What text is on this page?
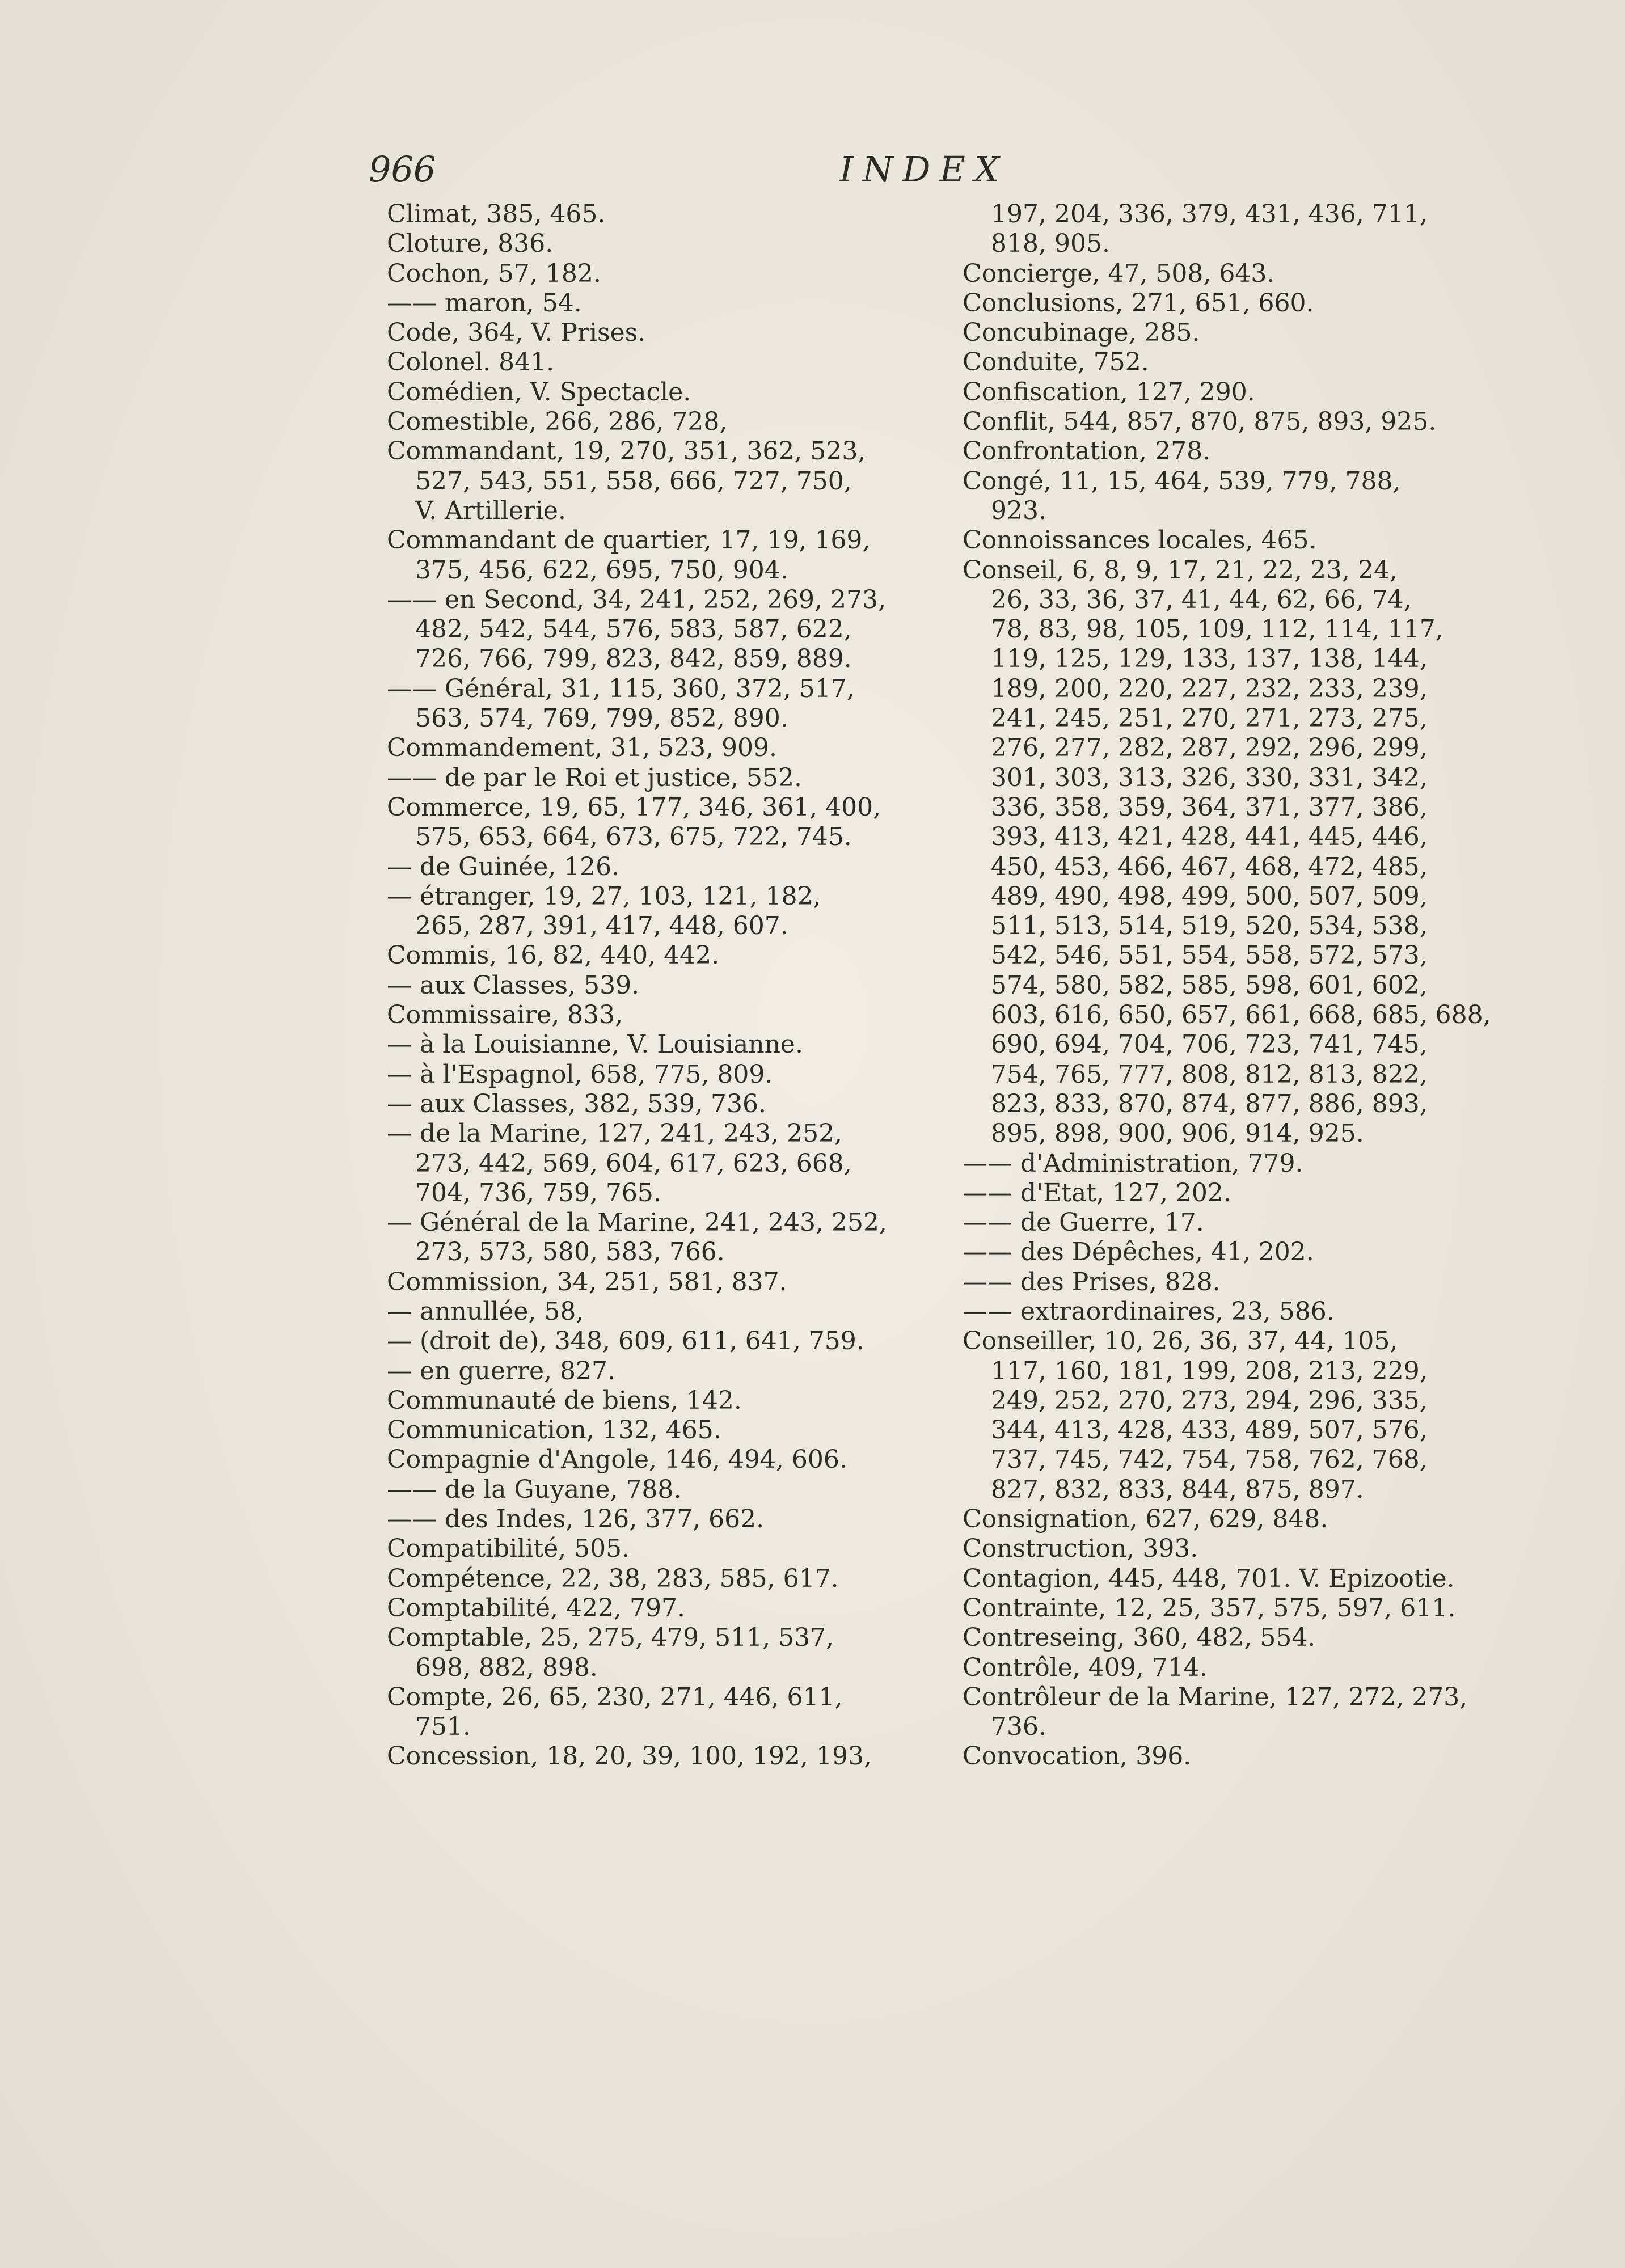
966	INDEX
Climat, 385, 465.
Cloture, 836.
Cochon, 57, 182.
—— maron, 54.
Code, 364, V. Prises.
Colonel. 841.
Comédien, V. Spectacle.
Comestible, 266, 286, 728,
Commandant, 19, 270, 351, 362, 523,
527, 543, 551, 558, 666, 727, 750,
V. Artillerie.
Commandant de quartier, 17, 19, 169,
375, 456, 622, 695, 750, 904.
—— en Second, 34, 241, 252, 269, 273,
482, 542, 544, 576, 583, 587, 622,
726, 766, 799, 823, 842, 859, 889.
—— Général, 31, 115, 360, 372, 517,
563, 574, 769, 799, 852, 890.
Commandement, 31, 523, 909.
—— de par le Roi et justice, 552.
Commerce, 19, 65, 177, 346, 361, 400,
575, 653, 664, 673, 675, 722, 745.
— de Guinée, 126.
— étranger, 19, 27, 103, 121, 182,
265, 287, 391, 417, 448, 607.
Commis, 16, 82, 440, 442.
— aux Classes, 539.
Commissaire, 833,
— à la Louisianne, V. Louisianne.
— à l'Espagnol, 658, 775, 809.
— aux Classes, 382, 539, 736.
— de la Marine, 127, 241, 243, 252,
273, 442, 569, 604, 617, 623, 668,
704, 736, 759, 765.
— Général de la Marine, 241, 243, 252,
273, 573, 580, 583, 766.
Commission, 34, 251, 581, 837.
— annullée, 58,
— (droit de), 348, 609, 611, 641, 759.
— en guerre, 827.
Communauté de biens, 142.
Communication, 132, 465.
Compagnie d'Angole, 146, 494, 606.
—— de la Guyane, 788.
—— des Indes, 126, 377, 662.
Compatibilité, 505.
Compétence, 22, 38, 283, 585, 617.
Comptabilité, 422, 797.
Comptable, 25, 275, 479, 511, 537,
698, 882, 898.
Compte, 26, 65, 230, 271, 446, 611,
751.
Concession, 18, 20, 39, 100, 192, 193,
197, 204, 336, 379, 431, 436, 711,
818, 905.
Concierge, 47, 508, 643.
Conclusions, 271, 651, 660.
Concubinage, 285.
Conduite, 752.
Confiscation, 127, 290.
Conflit, 544, 857, 870, 875, 893, 925.
Confrontation, 278.
Congé, 11, 15, 464, 539, 779, 788,
923.
Connoissances locales, 465.
Conseil, 6, 8, 9, 17, 21, 22, 23, 24,
26, 33, 36, 37, 41, 44, 62, 66, 74,
78, 83, 98, 105, 109, 112, 114, 117,
119, 125, 129, 133, 137, 138, 144,
189, 200, 220, 227, 232, 233, 239,
241, 245, 251, 270, 271, 273, 275,
276, 277, 282, 287, 292, 296, 299,
301, 303, 313, 326, 330, 331, 342,
336, 358, 359, 364, 371, 377, 386,
393, 413, 421, 428, 441, 445, 446,
450, 453, 466, 467, 468, 472, 485,
489, 490, 498, 499, 500, 507, 509,
511, 513, 514, 519, 520, 534, 538,
542, 546, 551, 554, 558, 572, 573,
574, 580, 582, 585, 598, 601, 602,
603, 616, 650, 657, 661, 668, 685, 688,
690, 694, 704, 706, 723, 741, 745,
754, 765, 777, 808, 812, 813, 822,
823, 833, 870, 874, 877, 886, 893,
895, 898, 900, 906, 914, 925.
—— d'Administration, 779.
—— d'Etat, 127, 202.
—— de Guerre, 17.
—— des Dépêches, 41, 202.
—— des Prises, 828.
—— extraordinaires, 23, 586.
Conseiller, 10, 26, 36, 37, 44, 105,
117, 160, 181, 199, 208, 213, 229,
249, 252, 270, 273, 294, 296, 335,
344, 413, 428, 433, 489, 507, 576,
737, 745, 742, 754, 758, 762, 768,
827, 832, 833, 844, 875, 897.
Consignation, 627, 629, 848.
Construction, 393.
Contagion, 445, 448, 701. V. Epizootie.
Contrainte, 12, 25, 357, 575, 597, 611.
Contreseing, 360, 482, 554.
Contrôle, 409, 714.
Contrôleur de la Marine, 127, 272, 273,
736.
Convocation, 396.
